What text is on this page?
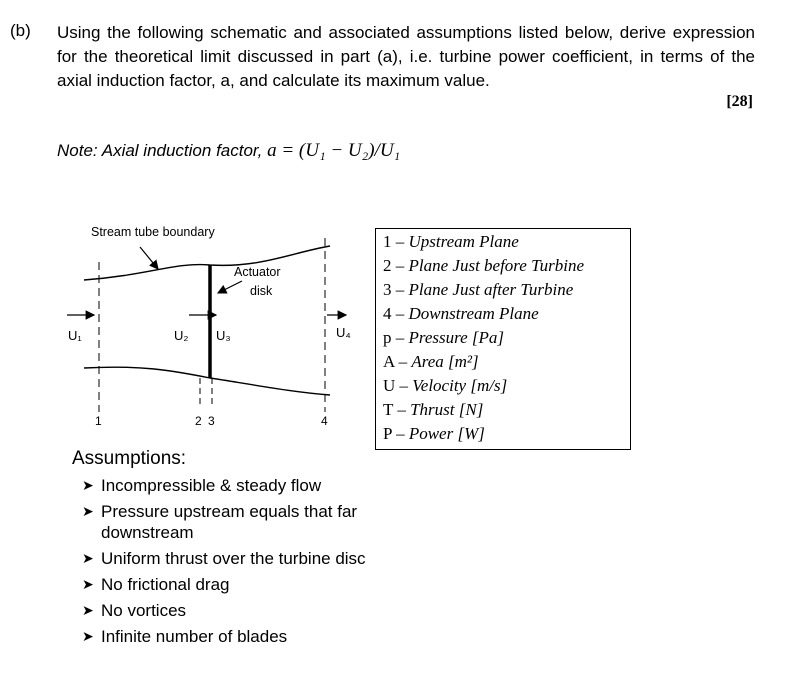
(b) Using the following schematic and associated assumptions listed below, derive expression for the theoretical limit discussed in part (a), i.e. turbine power coefficient, in terms of the axial induction factor, a, and calculate its maximum value.
[28]
Note: Axial induction factor, a = (U₁ − U₂)/U₁
Stream tube boundary
Actuator
disk
U₁	U₂ U₃	U₄
1	2 3	4
1 – Upstream Plane
2 – Plane Just before Turbine
3 – Plane Just after Turbine
4 – Downstream Plane
p – Pressure [Pa]
A – Area [m²]
U – Velocity [m/s]
T – Thrust [N]
P – Power [W]
Assumptions:
➤ Incompressible & steady flow
➤ Pressure upstream equals that far downstream
➤ Uniform thrust over the turbine disc
➤ No frictional drag
➤ No vortices
➤ Infinite number of blades
